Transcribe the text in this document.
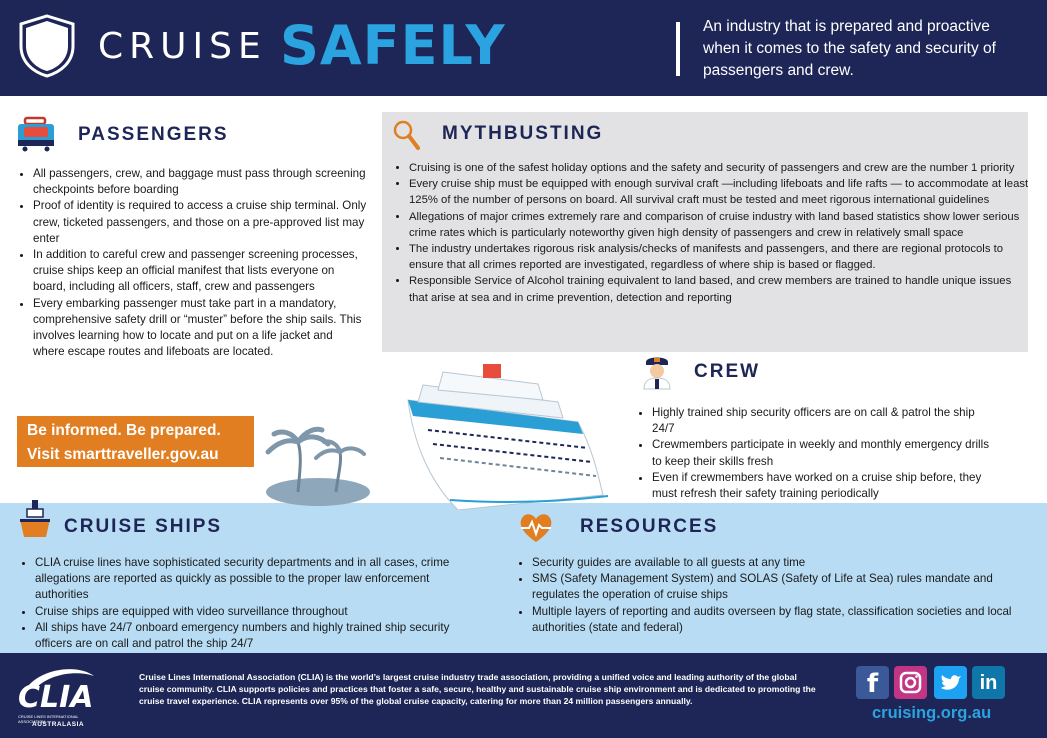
CRUISE SAFELY	An industry that is prepared and proactive when it comes to the safety and security of passengers and crew.
PASSENGERS
• All passengers, crew, and baggage must pass through screening checkpoints before boarding
• Proof of identity is required to access a cruise ship terminal. Only crew, ticketed passengers, and those on a pre-approved list may enter
• In addition to careful crew and passenger screening processes, cruise ships keep an official manifest that lists everyone on board, including all officers, staff, crew and passengers
• Every embarking passenger must take part in a mandatory, comprehensive safety drill or “muster” before the ship sails. This involves learning how to locate and put on a life jacket and where escape routes and lifeboats are located.
MYTHBUSTING
• Cruising is one of the safest holiday options and the safety and security of passengers and crew are the number 1 priority
• Every cruise ship must be equipped with enough survival craft —including lifeboats and life rafts — to accommodate at least 125% of the number of persons on board. All survival craft must be tested and meet rigorous international guidelines
• Allegations of major crimes extremely rare and comparison of cruise industry with land based statistics show lower serious crime rates which is particularly noteworthy given high density of passengers and crew in relatively small space
• The industry undertakes rigorous risk analysis/checks of manifests and passengers, and there are regional protocols to ensure that all crimes reported are investigated, regardless of where ship is based or flagged.
• Responsible Service of Alcohol training equivalent to land based, and crew members are trained to handle unique issues that arise at sea and in crime prevention, detection and reporting
Be informed. Be prepared.
Visit smarttraveller.gov.au
CREW
• Highly trained ship security officers are on call & patrol the ship 24/7
• Crewmembers participate in weekly and monthly emergency drills to keep their skills fresh
• Even if crewmembers have worked on a cruise ship before, they must refresh their safety training periodically
CRUISE SHIPS
• CLIA cruise lines have sophisticated security departments and in all cases, crime allegations are reported as quickly as possible to the proper law enforcement authorities
• Cruise ships are equipped with video surveillance throughout
• All ships have 24/7 onboard emergency numbers and highly trained ship security officers are on call and patrol the ship 24/7
RESOURCES
• Security guides are available to all guests at any time
• SMS (Safety Management System) and SOLAS (Safety of Life at Sea) rules mandate and regulates the operation of cruise ships
• Multiple layers of reporting and audits overseen by flag state, classification societies and local authorities (state and federal)
CLIA
CRUISE LINES INTERNATIONAL ASSOCIATION
AUSTRALASIA
Cruise Lines International Association (CLIA) is the world’s largest cruise industry trade association, providing a unified voice and leading authority of the global cruise community. CLIA supports policies and practices that foster a safe, secure, healthy and sustainable cruise ship environment and is dedicated to promoting the cruise travel experience. CLIA represents over 95% of the global cruise capacity, catering for more than 24 million passengers annually.
f	in
cruising.org.au
